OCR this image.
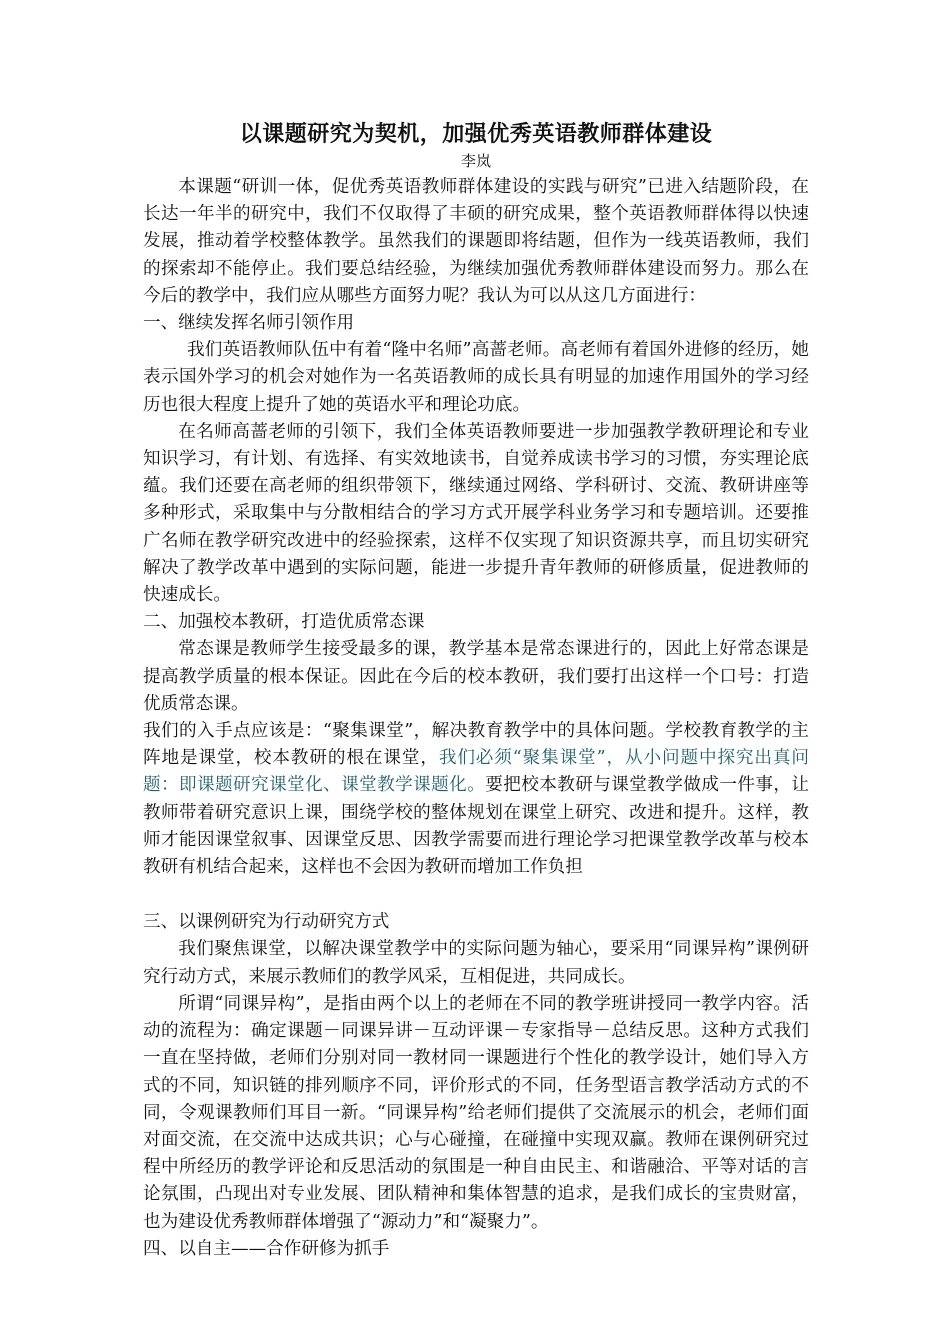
以课题研究为契机，加强优秀英语教师群体建设
李岚

本课题“研训一体，促优秀英语教师群体建设的实践与研究”已进入结题阶段，在长达一年半的研究中，我们不仅取得了丰硕的研究成果，整个英语教师群体得以快速发展，推动着学校整体教学。虽然我们的课题即将结题，但作为一线英语教师，我们的探索却不能停止。我们要总结经验，为继续加强优秀教师群体建设而努力。那么在今后的教学中，我们应从哪些方面努力呢？我认为可以从这几方面进行：

一、继续发挥名师引领作用

我们英语教师队伍中有着“隆中名师”高蔷老师。高老师有着国外进修的经历，她表示国外学习的机会对她作为一名英语教师的成长具有明显的加速作用国外的学习经历也很大程度上提升了她的英语水平和理论功底。

在名师高蔷老师的引领下，我们全体英语教师要进一步加强教学教研理论和专业知识学习，有计划、有选择、有实效地读书，自觉养成读书学习的习惯，夯实理论底蕴。我们还要在高老师的组织带领下，继续通过网络、学科研讨、交流、教研讲座等多种形式，采取集中与分散相结合的学习方式开展学科业务学习和专题培训。还要推广名师在教学研究改进中的经验探索，这样不仅实现了知识资源共享，而且切实研究解决了教学改革中遇到的实际问题，能进一步提升青年教师的研修质量，促进教师的快速成长。

二、加强校本教研，打造优质常态课

常态课是教师学生接受最多的课，教学基本是常态课进行的，因此上好常态课是提高教学质量的根本保证。因此在今后的校本教研，我们要打出这样一个口号：打造优质常态课。

我们的入手点应该是：“聚集课堂”，解决教育教学中的具体问题。学校教育教学的主阵地是课堂，校本教研的根在课堂，我们必须“聚集课堂”，从小问题中探究出真问题：即课题研究课堂化、课堂教学课题化。要把校本教研与课堂教学做成一件事，让教师带着研究意识上课，围绕学校的整体规划在课堂上研究、改进和提升。这样，教师才能因课堂叙事、因课堂反思、因教学需要而进行理论学习把课堂教学改革与校本教研有机结合起来，这样也不会因为教研而增加工作负担

三、以课例研究为行动研究方式

我们聚焦课堂，以解决课堂教学中的实际问题为轴心，要采用“同课异构”课例研究行动方式，来展示教师们的教学风采，互相促进，共同成长。

所谓“同课异构”，是指由两个以上的老师在不同的教学班讲授同一教学内容。活动的流程为：确定课题－同课异讲－互动评课－专家指导－总结反思。这种方式我们一直在坚持做，老师们分别对同一教材同一课题进行个性化的教学设计，她们导入方式的不同，知识链的排列顺序不同，评价形式的不同，任务型语言教学活动方式的不同，令观课教师们耳目一新。“同课异构”给老师们提供了交流展示的机会，老师们面对面交流，在交流中达成共识；心与心碰撞，在碰撞中实现双赢。教师在课例研究过程中所经历的教学评论和反思活动的氛围是一种自由民主、和谐融洽、平等对话的言论氛围，凸现出对专业发展、团队精神和集体智慧的追求，是我们成长的宝贵财富，也为建设优秀教师群体增强了“源动力”和“凝聚力”。

四、以自主——合作研修为抓手
